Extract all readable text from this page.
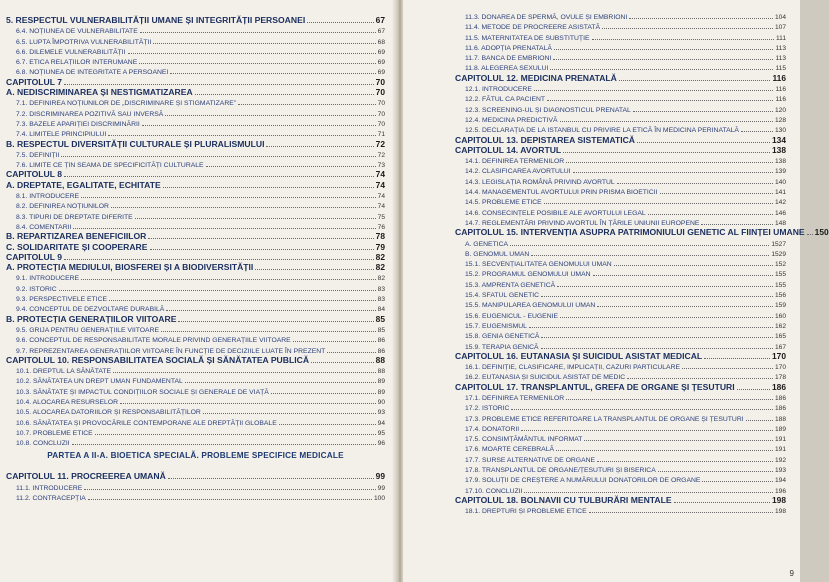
5. RESPECTUL VULNERABILITĂȚII UMANE ȘI INTEGRITĂȚII PERSOANEI	67
6.4. NOȚIUNEA DE VULNERABILITATE	67
6.5. LUPTA ÎMPOTRIVA VULNERABILITĂȚII	68
6.6. DILEMELE VULNERABILITĂȚII	69
6.7. ETICA RELAȚIILOR INTERUMANE	69
6.8. NOȚIUNEA DE INTEGRITATE A PERSOANEI	69
CAPITOLUL 7	70
A. NEDISCRIMINAREA ȘI NESTIGMATIZAREA	70
7.1. DEFINIREA NOȚIUNILOR DE „DISCRIMINARE ȘI STIGMATIZARE”	70
7.2. DISCRIMINAREA POZITIVĂ SAU INVERSĂ	70
7.3. BAZELE APARIȚIEI DISCRIMINĂRII	70
7.4. LIMITELE PRINCIPIULUI	71
B. RESPECTUL DIVERSITĂȚII CULTURALE ȘI PLURALISMULUI	72
7.5. DEFINIȚII	72
7.6. LIMITE CE ȚIN SEAMA DE SPECIFICITĂȚI CULTURALE	73
CAPITOLUL 8	74
A. DREPTATE, EGALITATE, ECHITATE	74
8.1. INTRODUCERE	74
8.2. DEFINIREA NOȚIUNILOR	74
8.3. TIPURI DE DREPTATE DIFERITE	75
8.4. COMENTARII	76
B. REPARTIZAREA BENEFICIILOR	78
C. SOLIDARITATE ȘI COOPERARE	79
CAPITOLUL 9	82
A. PROTECȚIA MEDIULUI, BIOSFEREI ȘI A BIODIVERSITĂȚII	82
9.1. INTRODUCERE	82
9.2. ISTORIC	83
9.3. PERSPECTIVELE ETICE	83
9.4. CONCEPTUL DE DEZVOLTARE DURABILĂ	84
B. PROTECȚIA GENERAȚIILOR VIITOARE	85
9.5. GRIJA PENTRU GENERAȚIILE VIITOARE	85
9.6. CONCEPTUL DE RESPONSABILITATE MORALE PRIVIND GENERAȚIILE VIITOARE	86
9.7. REPREZENTAREA GENERAȚIILOR VIITOARE ÎN FUNCȚIE DE DECIZIILE LUATE ÎN PREZENT	86
CAPITOLUL 10. RESPONSABILITATEA SOCIALĂ ȘI SĂNĂTATEA PUBLICĂ	88
10.1. DREPTUL LA SĂNĂTATE	88
10.2. SĂNĂTATEA UN DREPT UMAN FUNDAMENTAL	89
10.3. SĂNĂTATE ȘI IMPACTUL CONDIȚIILOR SOCIALE ȘI GENERALE DE VIAȚĂ	89
10.4. ALOCAREA RESURSELOR	90
10.5. ALOCAREA DATORIILOR ȘI RESPONSABILITĂȚILOR	93
10.6. SĂNĂTATEA ȘI PROVOCĂRILE CONTEMPORANE ALE DREPTĂȚII GLOBALE	94
10.7. PROBLEME ETICE	95
10.8. CONCLUZII	96
PARTEA A II-A. BIOETICA SPECIALĂ. PROBLEME SPECIFICE MEDICALE
CAPITOLUL 11. PROCREEREA UMANĂ	99
11.1. INTRODUCERE	99
11.2. CONTRACEPȚIA	100
11.3. DONAREA DE SPERMĂ, OVULE ȘI EMBRIONI	104
11.4. METODE DE PROCREERE ASISTATĂ	107
11.5. MATERNITATEA DE SUBSTITUȚIE	111
11.6. ADOPȚIA PRENATALĂ	113
11.7. BANCA DE EMBRIONI	113
11.8. ALEGEREA SEXULUI	115
CAPITOLUL 12. MEDICINA PRENATALĂ	116
12.1. INTRODUCERE	116
12.2. FĂTUL CA PACIENT	116
12.3. SCREENING-UL ȘI DIAGNOSTICUL PRENATAL	120
12.4. MEDICINA PREDICTIVĂ	128
12.5. DECLARAȚIA DE LA ISTANBUL CU PRIVIRE LA ETICĂ ÎN MEDICINA PERINATALĂ	130
CAPITOLUL 13. DEPISTAREA SISTEMATICĂ	134
CAPITOLUL 14. AVORTUL	138
14.1. DEFINIREA TERMENILOR	138
14.2. CLASIFICAREA AVORTULUI	139
14.3. LEGISLAȚIA ROMÂNĂ PRIVIND AVORTUL	140
14.4. MANAGEMENTUL AVORTULUI PRIN PRISMA BIOETICII	141
14.5. PROBLEME ETICE	142
14.6. CONSECINȚELE POSIBILE ALE AVORTULUI LEGAL	146
14.7. REGLEMENTĂRI PRIVIND AVORTUL ÎN ȚĂRILE UNIUNII EUROPENE	148
CAPITOLUL 15. INTERVENȚIA ASUPRA PATRIMONIULUI GENETIC AL FIINȚEI UMANE 150
A. GENETICA	1527
B. GENOMUL UMAN	1529
15.1. SECVENȚIALITATEA GENOMULUI UMAN	152
15.2. PROGRAMUL GENOMULUI UMAN	155
15.3. AMPRENTA GENETICĂ	155
15.4. SFATUL GENETIC	156
15.5. MANIPULAREA GENOMULUI UMAN	159
15.6. EUGENICUL - EUGENIE	160
15.7. EUGENISMUL	162
15.8. GENIA GENETICĂ	165
15.9. TERAPIA GENICĂ	167
CAPITOLUL 16. EUTANASIA ȘI SUICIDUL ASISTAT MEDICAL	170
16.1. DEFINIȚIE, CLASIFICARE, IMPLICAȚII, CAZURI PARTICULARE	170
16.2. EUTANASIA ȘI SUICIDUL ASISTAT DE MEDIC	178
CAPITOLUL 17. TRANSPLANTUL, GREFA DE ORGANE ȘI ȚESUTURI	186
17.1. DEFINIREA TERMENILOR	186
17.2. ISTORIC	186
17.3. PROBLEME ETICE REFERITOARE LA TRANSPLANTUL DE ORGANE ȘI ȚESUTURI	188
17.4. DONATORII	189
17.5. CONSIMȚĂMÂNTUL INFORMAT	191
17.6. MOARTE CEREBRALĂ	191
17.7. SURSE ALTERNATIVE DE ORGANE	192
17.8. TRANSPLANTUL DE ORGANE/ȚESUTURI ȘI BISERICA	193
17.9. SOLUȚII DE CREȘTERE A NUMĂRULUI DONATORILOR DE ORGANE	194
17.10. CONCLUZII	196
CAPITOLUL 18. BOLNAVII CU TULBURĂRI MENTALE	198
18.1. DREPTURI ȘI PROBLEME ETICE	198
9
